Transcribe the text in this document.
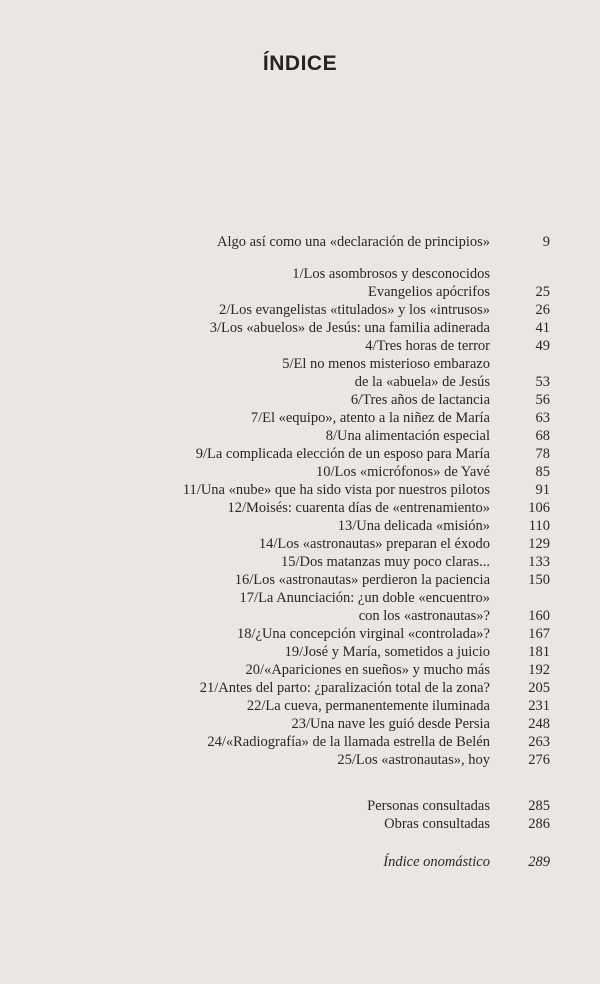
ÍNDICE
Algo así como una «declaración de principios»	9
1/Los asombrosos y desconocidos
Evangelios apócrifos	25
2/Los evangelistas «titulados» y los «intrusos»	26
3/Los «abuelos» de Jesús: una familia adinerada	41
4/Tres horas de terror	49
5/El no menos misterioso embarazo
de la «abuela» de Jesús	53
6/Tres años de lactancia	56
7/El «equipo», atento a la niñez de María	63
8/Una alimentación especial	68
9/La complicada elección de un esposo para María	78
10/Los «micrófonos» de Yavé	85
11/Una «nube» que ha sido vista por nuestros pilotos	91
12/Moisés: cuarenta días de «entrenamiento»	106
13/Una delicada «misión»	110
14/Los «astronautas» preparan el éxodo	129
15/Dos matanzas muy poco claras...	133
16/Los «astronautas» perdieron la paciencia	150
17/La Anunciación: ¿un doble «encuentro»
con los «astronautas»?	160
18/¿Una concepción virginal «controlada»?	167
19/José y María, sometidos a juicio	181
20/«Apariciones en sueños» y mucho más	192
21/Antes del parto: ¿paralización total de la zona?	205
22/La cueva, permanentemente iluminada	231
23/Una nave les guió desde Persia	248
24/«Radiografía» de la llamada estrella de Belén	263
25/Los «astronautas», hoy	276
Personas consultadas	285
Obras consultadas	286
Índice onomástico	289
